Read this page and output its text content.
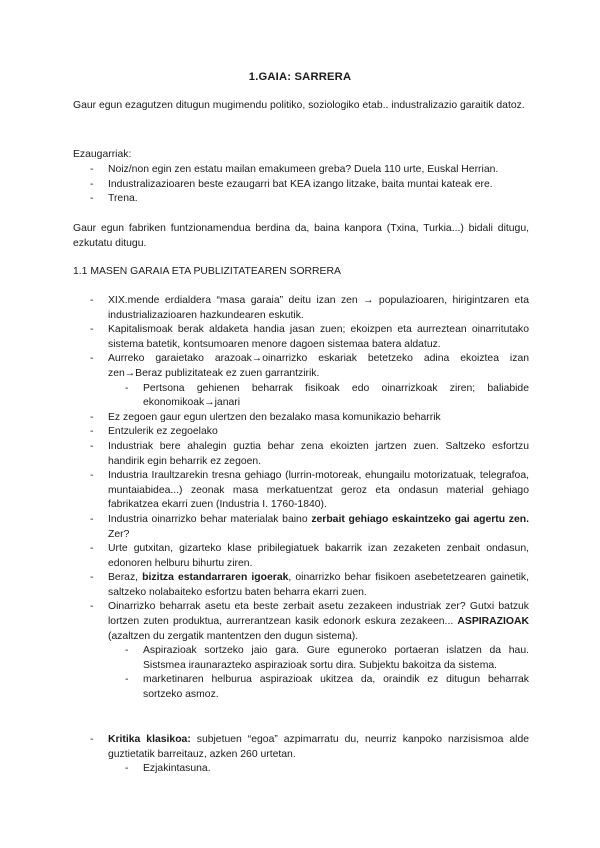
1.GAIA: SARRERA

Gaur egun ezagutzen ditugun mugimendu politiko, soziologiko etab.. industralizazio garaitik datoz.

Ezaugarriak:

- Noiz/non egin zen estatu mailan emakumeen greba? Duela 110 urte, Euskal Herrian.
- Industralizazioaren beste ezaugarri bat KEA izango litzake, baita muntai kateak ere.
- Trena.

Gaur egun fabriken funtzionamendua berdina da, baina kanpora (Txina, Turkia...) bidali ditugu, ezkutatu ditugu.

1.1 MASEN GARAIA ETA PUBLIZITATEAREN SORRERA

- XIX.mende erdialdera “masa garaia” deitu izan zen → populazioaren, hirigintzaren eta industrializazioaren hazkundearen eskutik.
- Kapitalismoak berak aldaketa handia jasan zuen; ekoizpen eta aurreztean oinarritutako sistema batetik, kontsumoaren menore dagoen sistemaa batera aldatuz.
- Aurreko garaietako arazoak→oinarrizko eskariak betetzeko adina ekoizteа izan zen→Beraz publizitateak ez zuen garrantzirik.
- Pertsona gehienen beharrak fisikoak edo oinarrizkoak ziren; baliabide ekonomikoak→janari
- Ez zegoen gaur egun ulertzen den bezalako masa komunikazio beharrik
- Entzulerik ez zegoelako
- Industriak bere ahalegin guztia behar zena ekoizten jartzen zuen. Saltzeko esfortzu handirik egin beharrik ez zegoen.
- Industria Iraultzarekin tresna gehiago (lurrin-motoreak, ehungailu motorizatuak, telegrafoa, muntaiabidea...) zeonak masa merkatuentzat geroz eta ondasun material gehiago fabrikatzea ekarri zuen (Industria I. 1760-1840).
- Industria oinarrizko behar materialak baino zerbait gehiago eskaintzeko gai agertu zen. Zer?
- Urte gutxitan, gizarteko klase pribilegiatuek bakarrik izan zezaketen zenbait ondasun, edonoren helburu bihurtu ziren.
- Beraz, bizitza estandarraren igoerak, oinarrizko behar fisikoen asebetetzearen gainetik, saltzeko nolabaiteko esfortzu baten beharra ekarri zuen.
- Oinarrizko beharrak asetu eta beste zerbait asetu zezakeen industriak zer? Gutxi batzuk lortzen zuten produktua, aurrerantzean kasik edonork eskura zezakeen... ASPIRAZIOAK (azaltzen du zergatik mantentzen den dugun sistema).
- Aspirazioak sortzeko jaio gara. Gure eguneroko portaeran islatzen da hau. Sistsmea iraunarazteko aspirazioak sortu dira. Subjektu bakoitza da sistema.
- marketinaren helburua aspirazioak ukitzea da, oraindik ez ditugun beharrak sortzeko asmoz.
- Kritika klasikoa: subjetuen “egoa” azpimarratu du, neurriz kanpoko narzisismoa alde guztietatik barreitauz, azken 260 urtetan.
- Ezjakintasuna.
